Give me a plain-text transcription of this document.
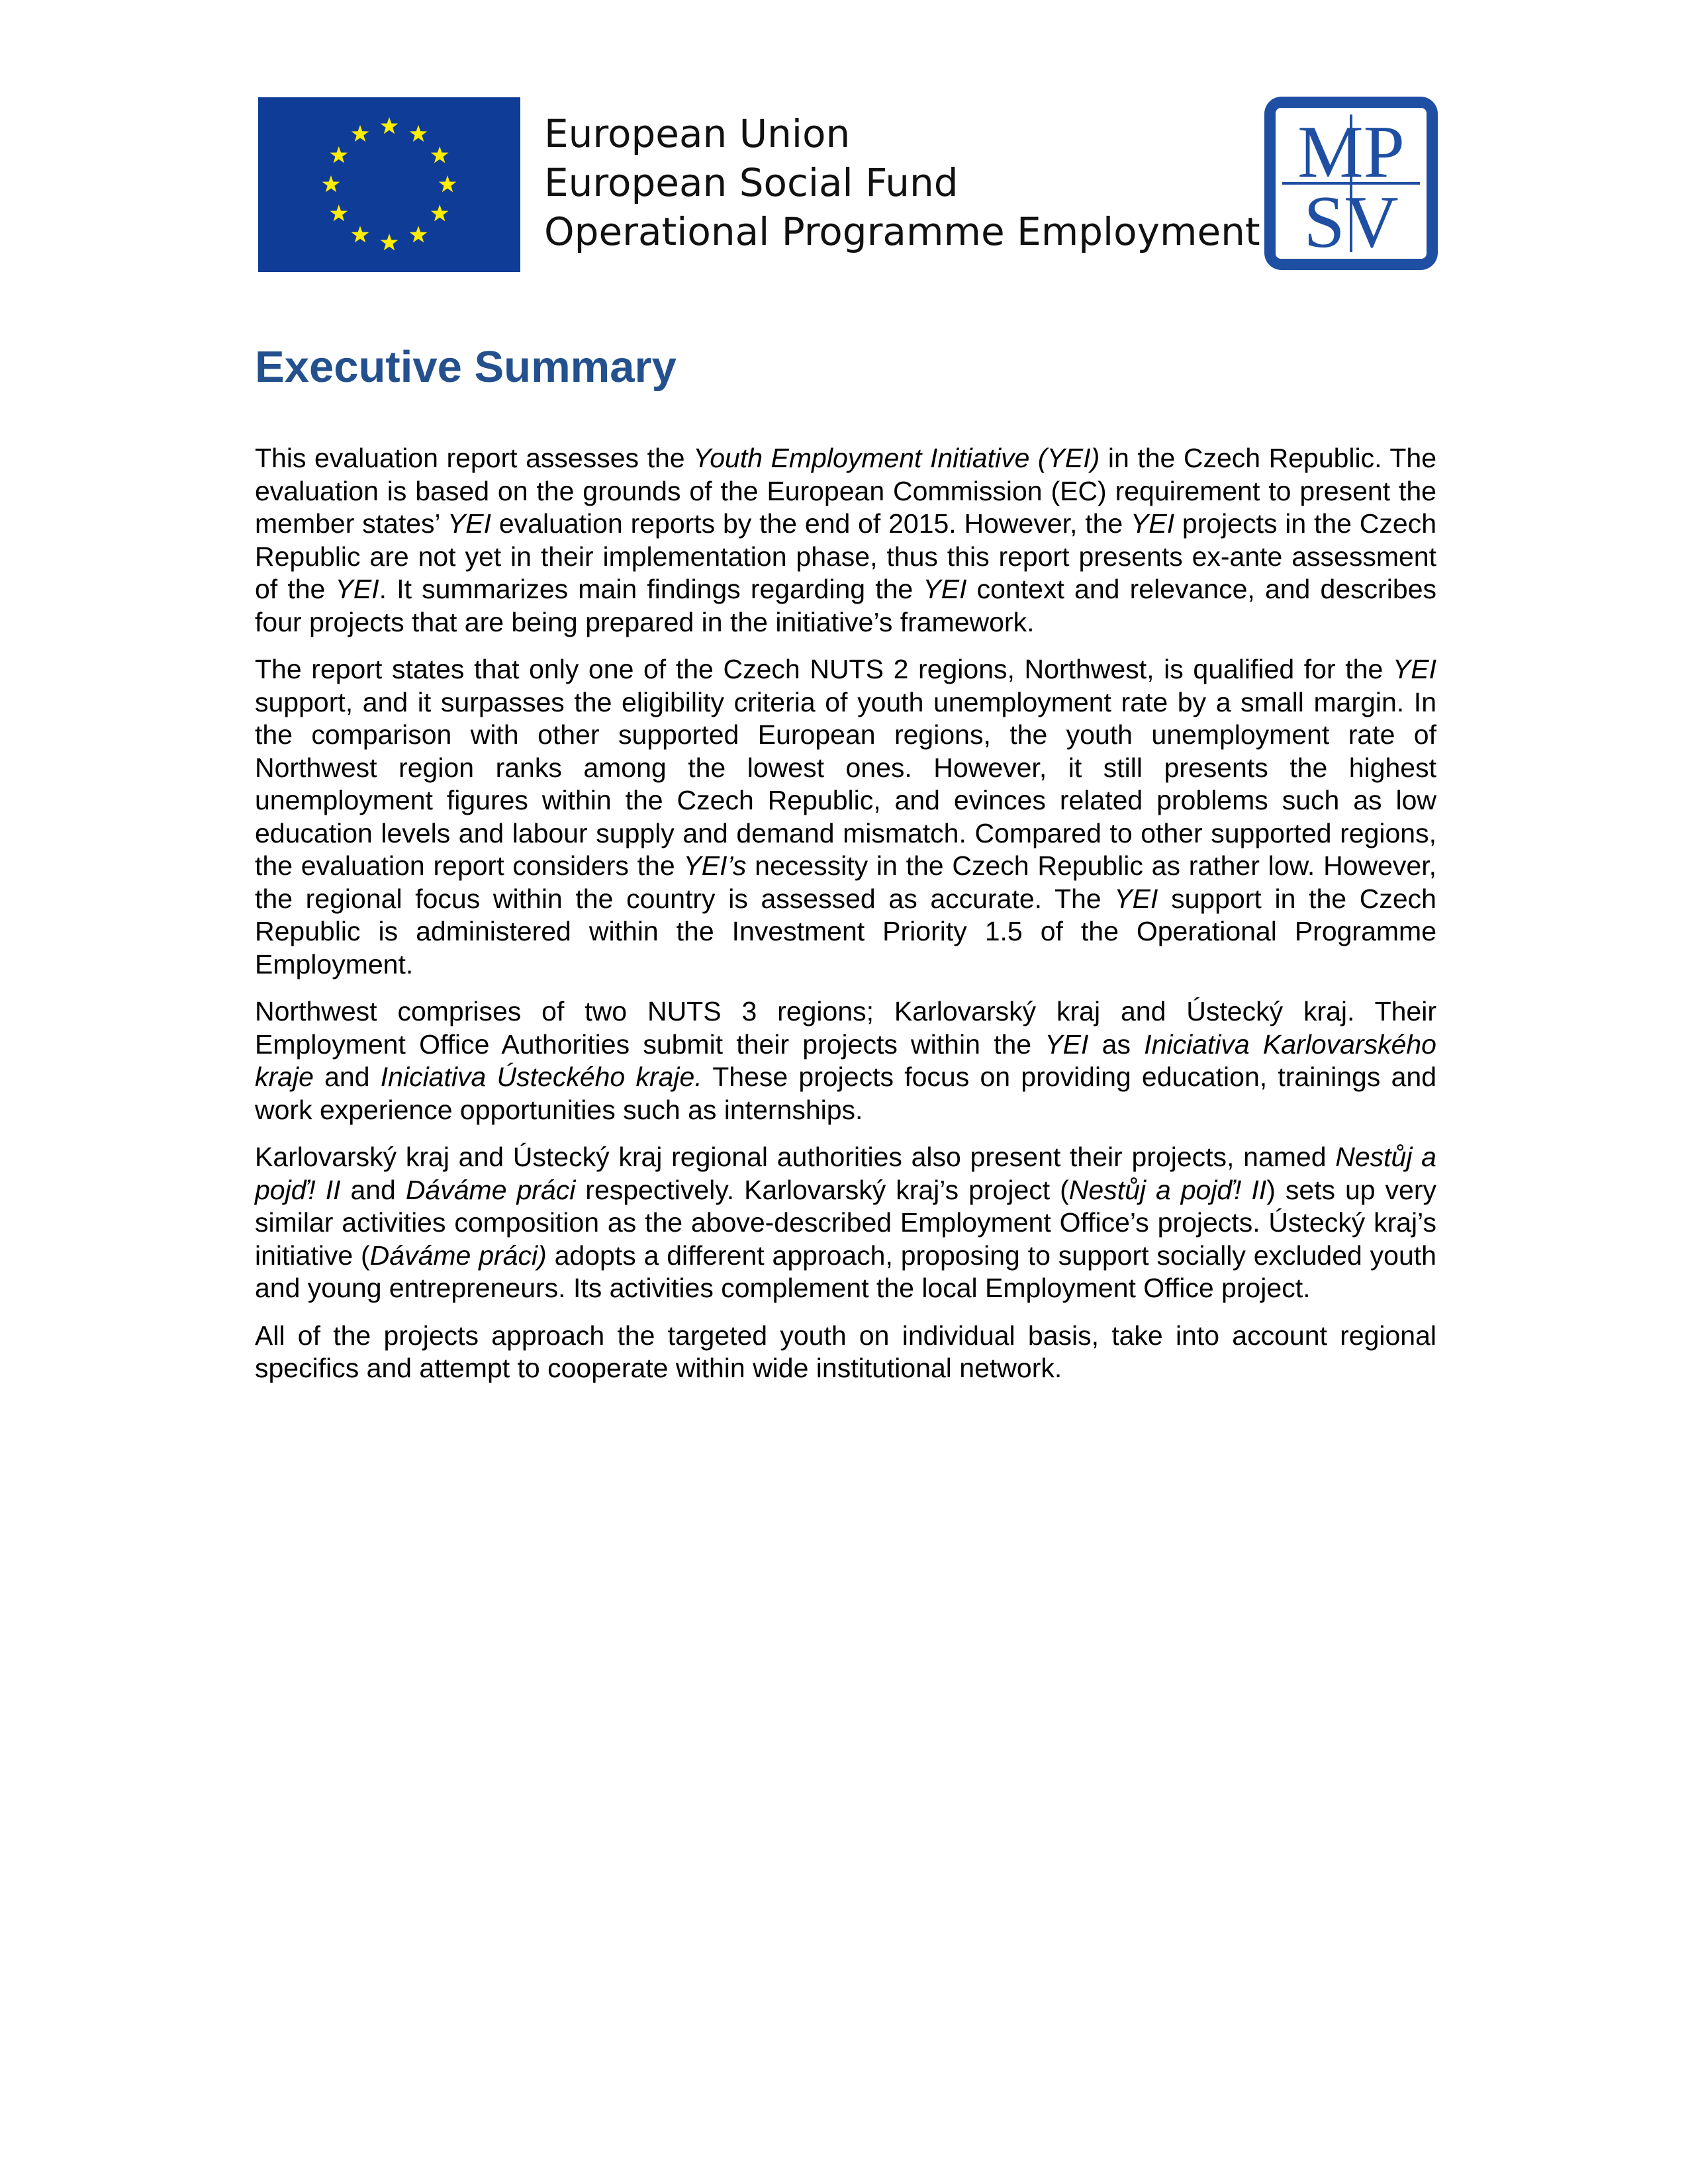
European Union
European Social Fund
Operational Programme Employment
MP
SV
Executive Summary

This evaluation report assesses the Youth Employment Initiative (YEI) in the Czech Republic. The evaluation is based on the grounds of the European Commission (EC) requirement to present the member states’ YEI evaluation reports by the end of 2015. However, the YEI projects in the Czech Republic are not yet in their implementation phase, thus this report presents ex-ante assessment of the YEI. It summarizes main findings regarding the YEI context and relevance, and describes four projects that are being prepared in the initiative’s framework.

The report states that only one of the Czech NUTS 2 regions, Northwest, is qualified for the YEI support, and it surpasses the eligibility criteria of youth unemployment rate by a small margin. In the comparison with other supported European regions, the youth unemployment rate of Northwest region ranks among the lowest ones. However, it still presents the highest unemployment figures within the Czech Republic, and evinces related problems such as low education levels and labour supply and demand mismatch. Compared to other supported regions, the evaluation report considers the YEI’s necessity in the Czech Republic as rather low. However, the regional focus within the country is assessed as accurate. The YEI support in the Czech Republic is administered within the Investment Priority 1.5 of the Operational Programme Employment.

Northwest comprises of two NUTS 3 regions; Karlovarský kraj and Ústecký kraj. Their Employment Office Authorities submit their projects within the YEI as Iniciativa Karlovarského kraje and Iniciativa Ústeckého kraje. These projects focus on providing education, trainings and work experience opportunities such as internships.

Karlovarský kraj and Ústecký kraj regional authorities also present their projects, named Nestůj a pojď! II and Dáváme práci respectively. Karlovarský kraj’s project (Nestůj a pojď! II) sets up very similar activities composition as the above-described Employment Office’s projects. Ústecký kraj’s initiative (Dáváme práci) adopts a different approach, proposing to support socially excluded youth and young entrepreneurs. Its activities complement the local Employment Office project.

All of the projects approach the targeted youth on individual basis, take into account regional specifics and attempt to cooperate within wide institutional network.
